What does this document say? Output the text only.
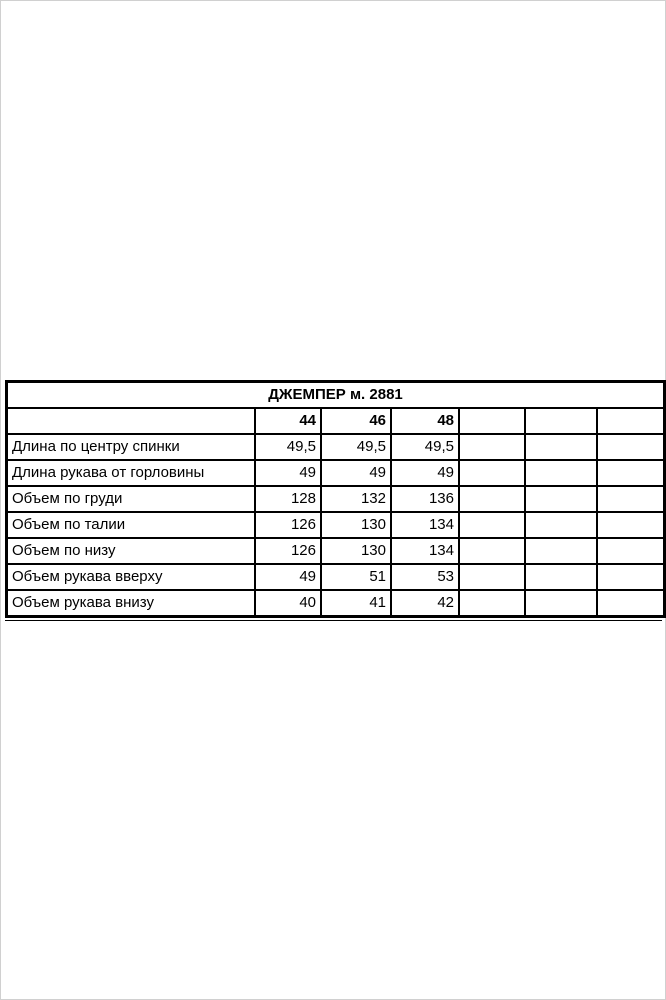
ДЖЕМПЕР м. 2881						
	44	46	48			
Длина по центру спинки	49,5	49,5	49,5			
Длина рукава от горловины	49	49	49			
Объем по груди	128	132	136			
Объем по талии	126	130	134			
Объем по низу	126	130	134			
Объем рукава вверху	49	51	53			
Объем рукава внизу	40	41	42			
